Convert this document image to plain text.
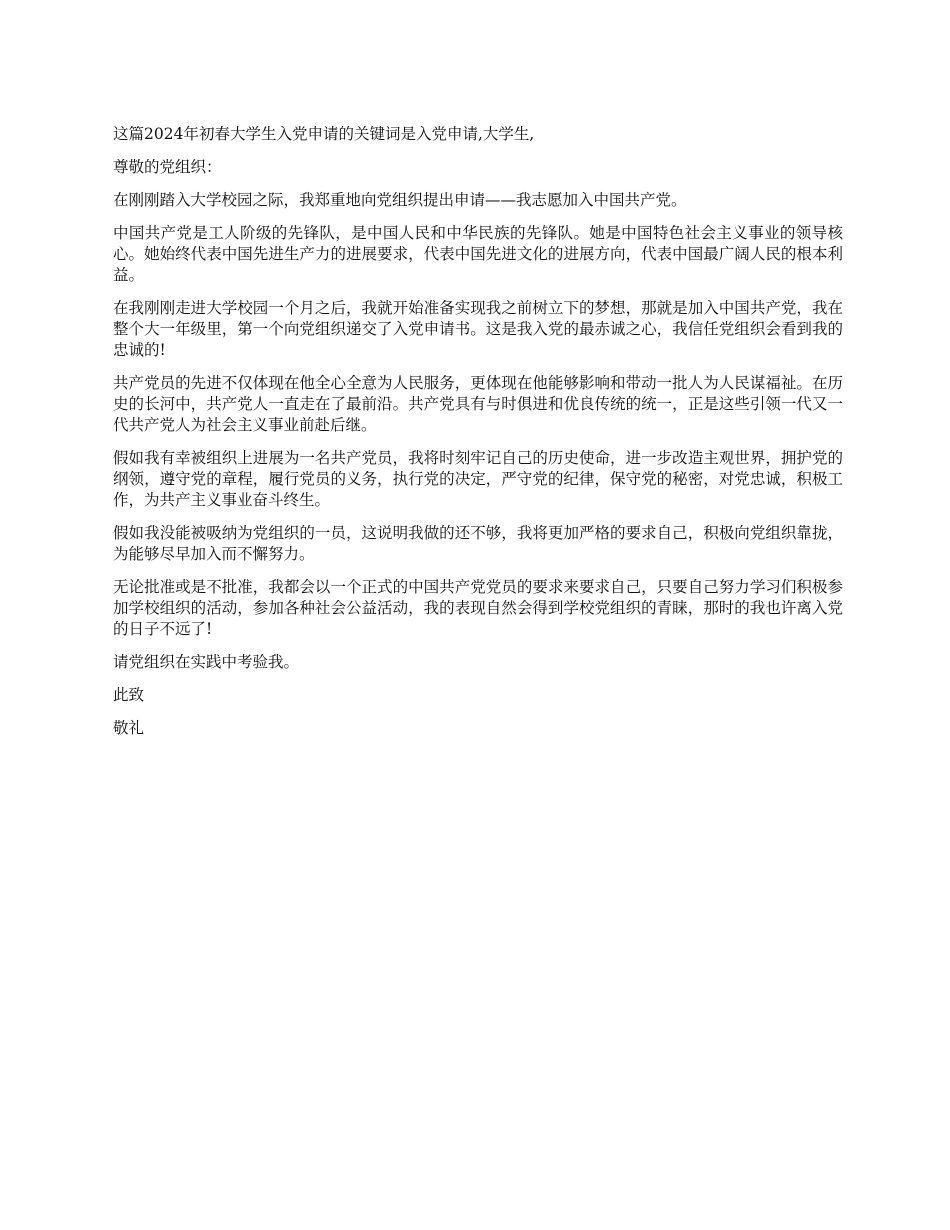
这篇2024年初春大学生入党申请的关键词是入党申请,大学生,

尊敬的党组织：

在刚刚踏入大学校园之际，我郑重地向党组织提出申请——我志愿加入中国共产党。

中国共产党是工人阶级的先锋队，是中国人民和中华民族的先锋队。她是中国特色社会主义事业的领导核心。她始终代表中国先进生产力的进展要求，代表中国先进文化的进展方向，代表中国最广阔人民的根本利益。

在我刚刚走进大学校园一个月之后，我就开始准备实现我之前树立下的梦想，那就是加入中国共产党，我在整个大一年级里，第一个向党组织递交了入党申请书。这是我入党的最赤诚之心，我信任党组织会看到我的忠诚的!

共产党员的先进不仅体现在他全心全意为人民服务，更体现在他能够影响和带动一批人为人民谋福祉。在历史的长河中，共产党人一直走在了最前沿。共产党具有与时俱进和优良传统的统一，正是这些引领一代又一代共产党人为社会主义事业前赴后继。

假如我有幸被组织上进展为一名共产党员，我将时刻牢记自己的历史使命，进一步改造主观世界，拥护党的纲领，遵守党的章程，履行党员的义务，执行党的决定，严守党的纪律，保守党的秘密，对党忠诚，积极工作，为共产主义事业奋斗终生。

假如我没能被吸纳为党组织的一员，这说明我做的还不够，我将更加严格的要求自己，积极向党组织靠拢，为能够尽早加入而不懈努力。

无论批准或是不批准，我都会以一个正式的中国共产党党员的要求来要求自己，只要自己努力学习们积极参加学校组织的活动，参加各种社会公益活动，我的表现自然会得到学校党组织的青睐，那时的我也许离入党的日子不远了!

请党组织在实践中考验我。

此致

敬礼
